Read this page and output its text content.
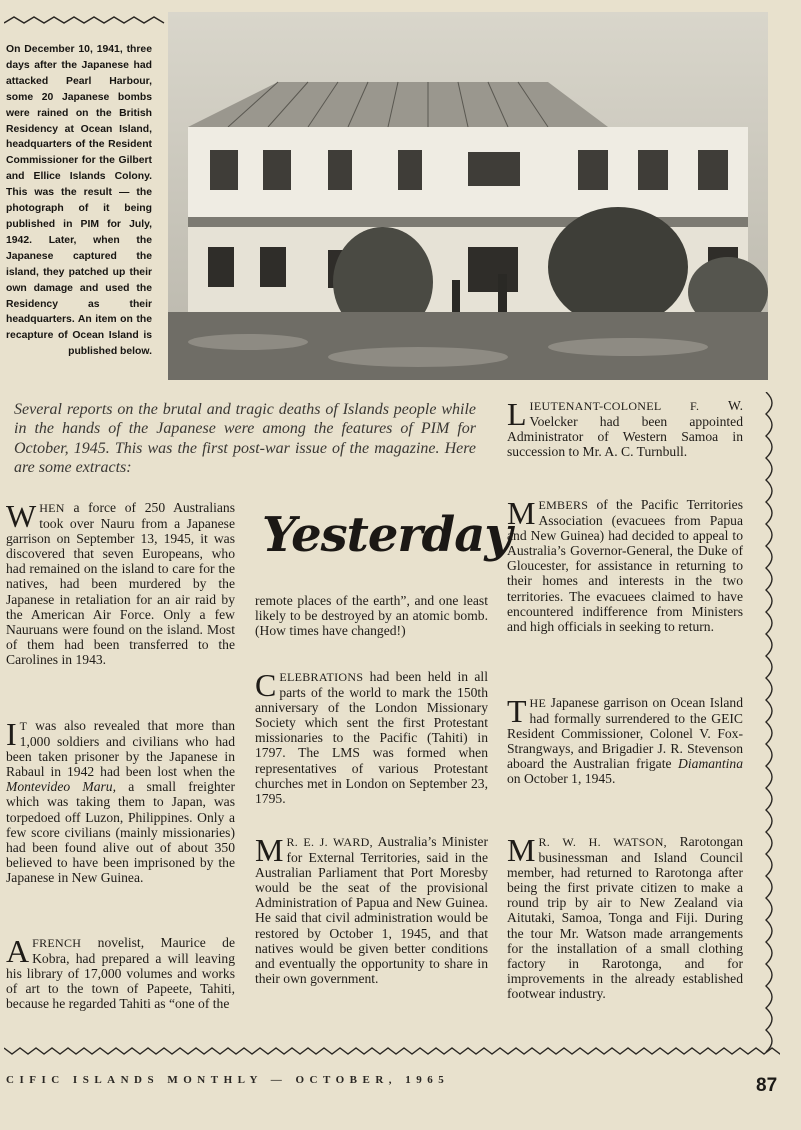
On December 10, 1941, three days after the Japanese had attacked Pearl Harbour, some 20 Japanese bombs were rained on the British Residency at Ocean Island, headquarters of the Resident Commissioner for the Gilbert and Ellice Islands Colony. This was the result — the photograph of it being published in PIM for July, 1942. Later, when the Japanese captured the island, they patched up their own damage and used the Residency as their headquarters. An item on the recapture of Ocean Island is published below.
Several reports on the brutal and tragic deaths of Islands people while in the hands of the Japanese were among the features of PIM for October, 1945. This was the first post-war issue of the magazine. Here are some extracts:
WHEN a force of 250 Australians took over Nauru from a Japanese garrison on September 13, 1945, it was discovered that seven Europeans, who had remained on the island to care for the natives, had been murdered by the Japanese in retaliation for an air raid by the American Air Force. Only a few Nauruans were found on the island. Most of them had been transferred to the Carolines in 1943.
I T was also revealed that more than 1,000 soldiers and civilians who had been taken prisoner by the Japanese in Rabaul in 1942 had been lost when the Montevideo Maru, a small freighter which was taking them to Japan, was torpedoed off Luzon, Philippines. Only a few score civilians (mainly missionaries) had been found alive out of about 350 believed to have been imprisoned by the Japanese in New Guinea.
AFRENCH novelist, Maurice de Kobra, had prepared a will leaving his library of 17,000 volumes and works of art to the town of Papeete, Tahiti, because he regarded Tahiti as “one of the
Yesterday
remote places of the earth”, and one least likely to be destroyed by an atomic bomb. (How times have changed!)
CELEBRATIONS had been held in all parts of the world to mark the 150th anniversary of the London Missionary Society which sent the first Protestant missionaries to the Pacific (Tahiti) in 1797. The LMS was formed when representatives of various Protestant churches met in London on September 23, 1795.
M R. E. J. WARD, Australia’s Minister for External Territories, said in the Australian Parliament that Port Moresby would be the seat of the provisional Administration of Papua and New Guinea. He said that civil administration would be restored by October 1, 1945, and that natives would be given better conditions and eventually the opportunity to share in their own government.
LIEUTENANT-COLONEL F. W. Voelcker had been appointed Administrator of Western Samoa in succession to Mr. A. C. Turnbull.
MEMBERS of the Pacific Territories Association (evacuees from Papua and New Guinea) had decided to appeal to Australia’s Governor-General, the Duke of Gloucester, for assistance in returning to their homes and interests in the two territories. The evacuees claimed to have encountered indifference from Ministers and high officials in seeking to return.
THE Japanese garrison on Ocean Island had formally surrendered to the GEIC Resident Commissioner, Colonel V. Fox-Strangways, and Brigadier J. R. Stevenson aboard the Australian frigate Diamantina on October 1, 1945.
M R. W. H. WATSON, Rarotongan businessman and Island Council member, had returned to Rarotonga after being the first private citizen to make a round trip by air to New Zealand via Aitutaki, Samoa, Tonga and Fiji. During the tour Mr. Watson made arrangements for the installation of a small clothing factory in Rarotonga, and for improvements in the already established footwear industry.
CIFIC ISLANDS MONTHLY — OCTOBER, 1965	87
